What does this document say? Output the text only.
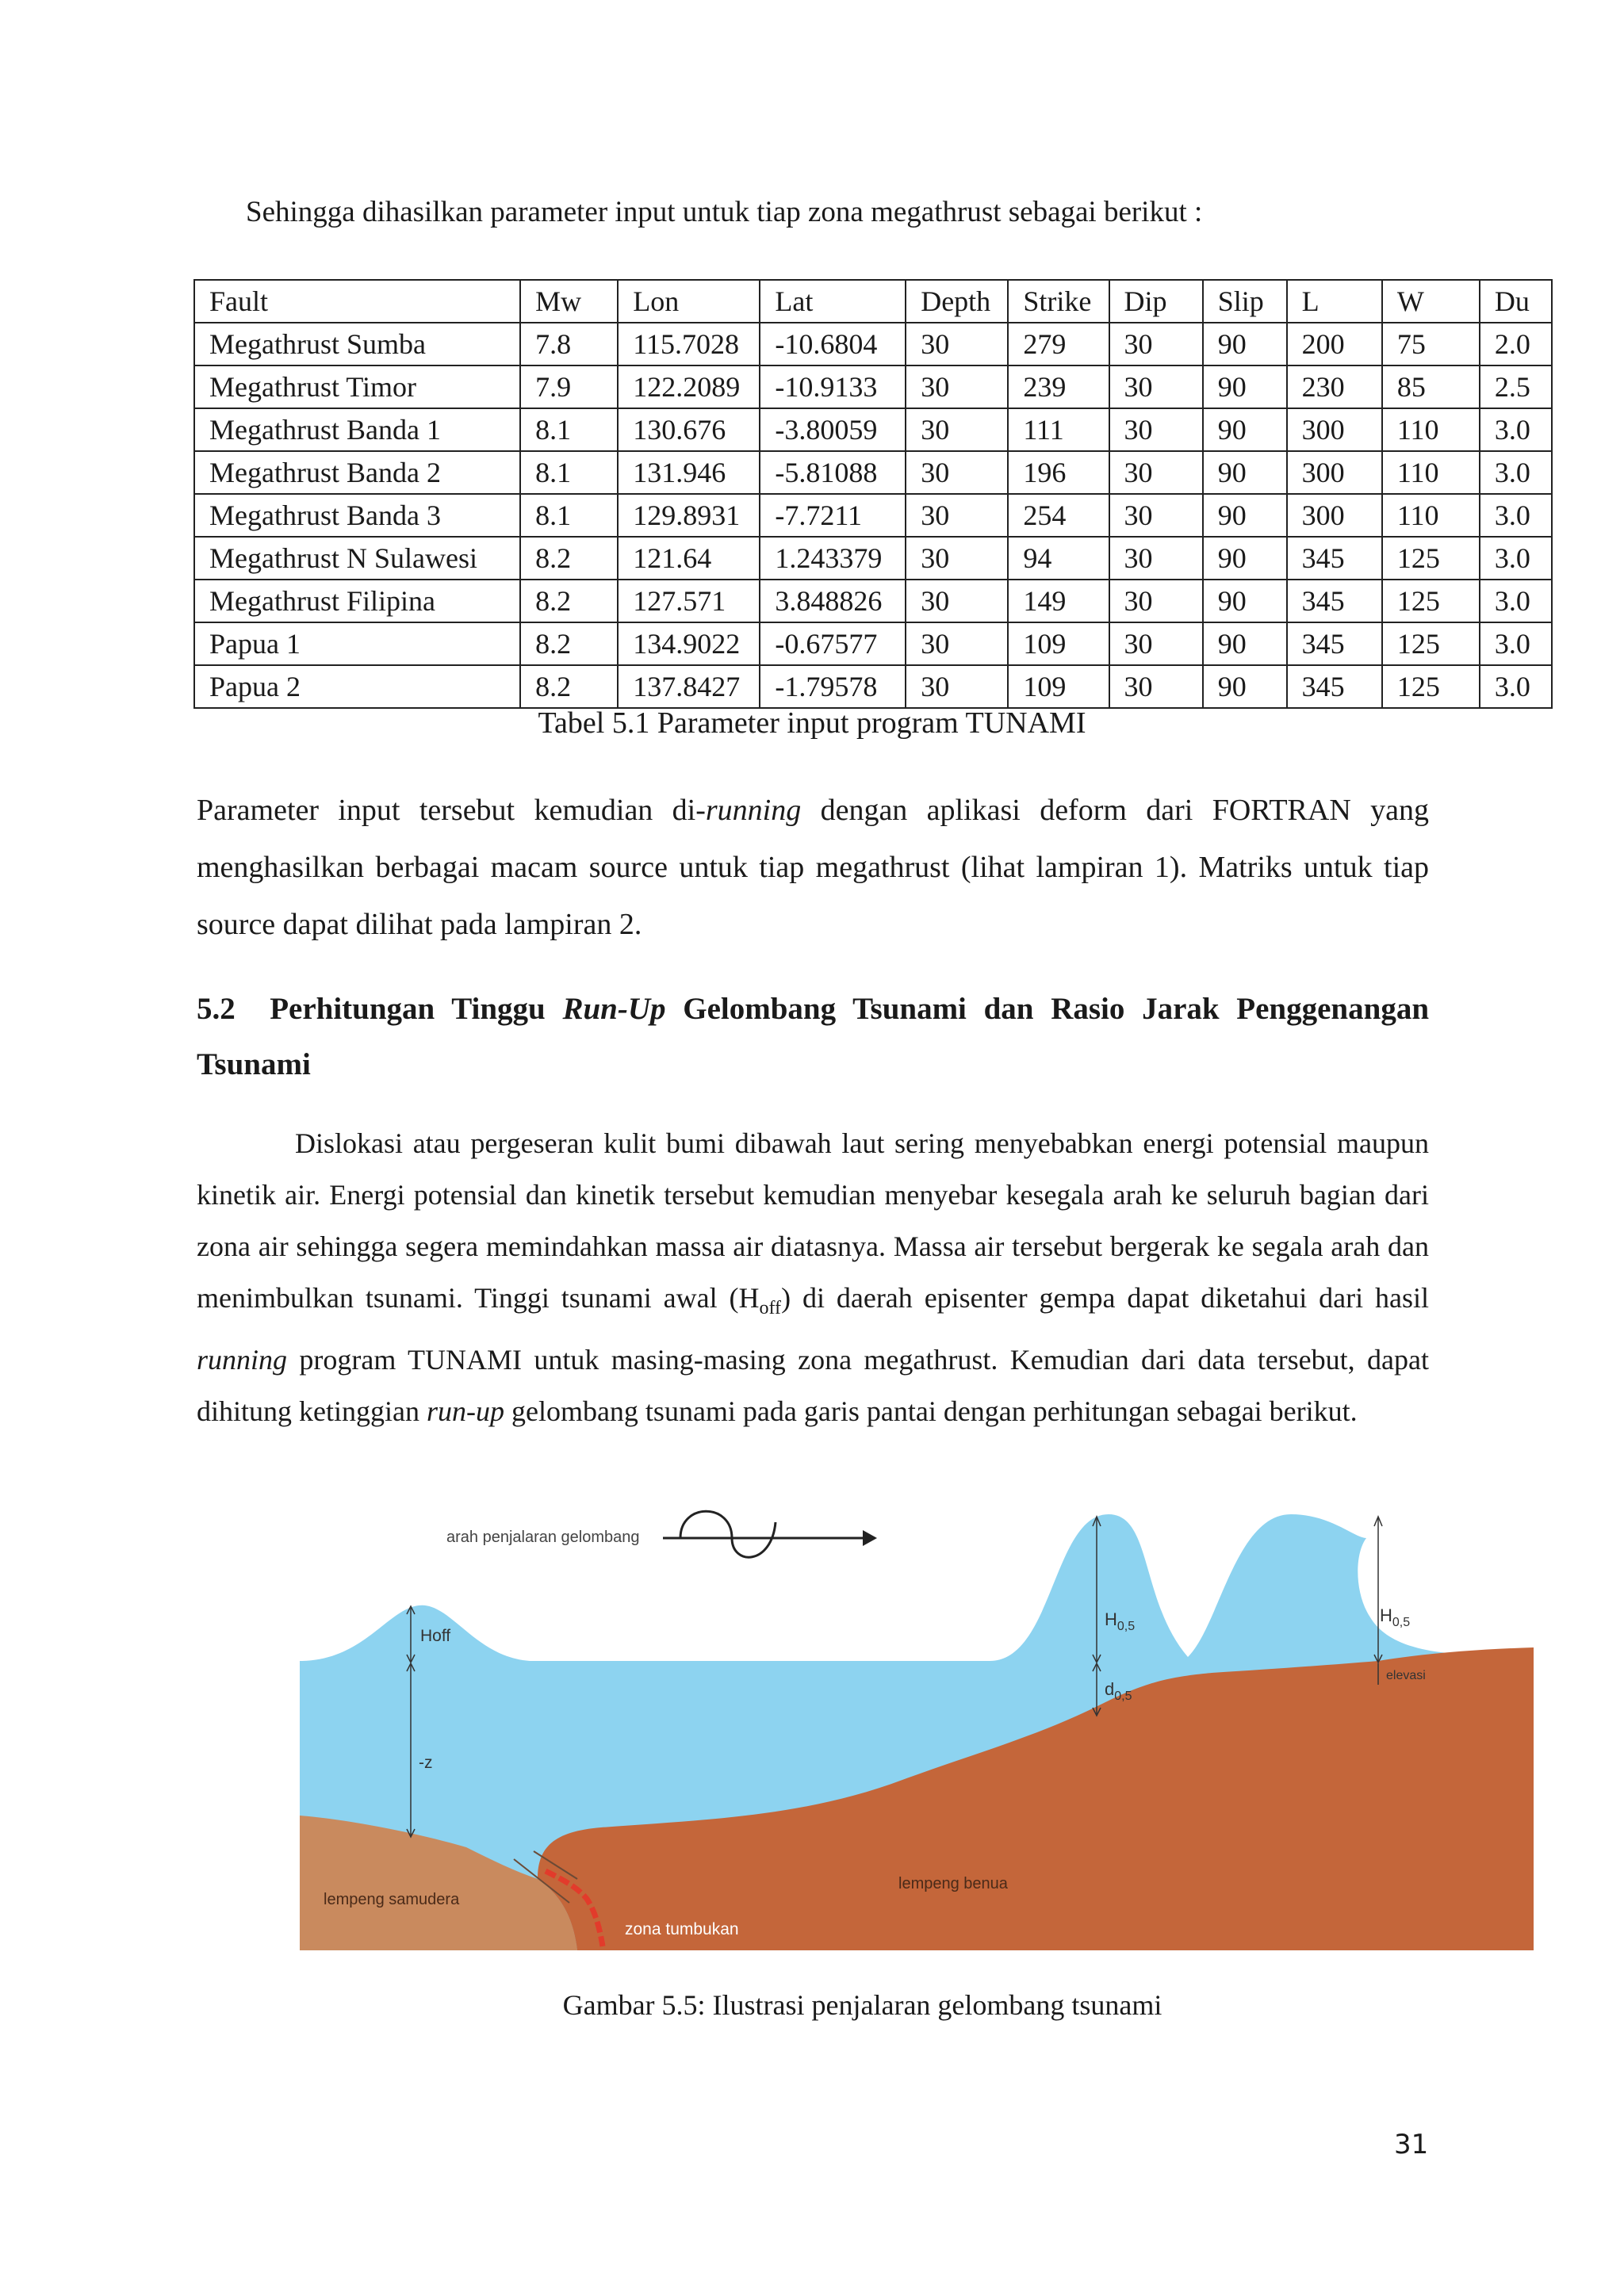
Sehingga dihasilkan parameter input untuk tiap zona megathrust sebagai berikut :
Fault	Mw	Lon	Lat	Depth	Strike	Dip	Slip	L	W	Du
Megathrust Sumba	7.8	115.7028	-10.6804	30	279	30	90	200	75	2.0
Megathrust Timor	7.9	122.2089	-10.9133	30	239	30	90	230	85	2.5
Megathrust Banda 1	8.1	130.676	-3.80059	30	111	30	90	300	110	3.0
Megathrust Banda 2	8.1	131.946	-5.81088	30	196	30	90	300	110	3.0
Megathrust Banda 3	8.1	129.8931	-7.7211	30	254	30	90	300	110	3.0
Megathrust N Sulawesi	8.2	121.64	1.243379	30	94	30	90	345	125	3.0
Megathrust Filipina	8.2	127.571	3.848826	30	149	30	90	345	125	3.0
Papua 1	8.2	134.9022	-0.67577	30	109	30	90	345	125	3.0
Papua 2	8.2	137.8427	-1.79578	30	109	30	90	345	125	3.0
Tabel 5.1 Parameter input program TUNAMI
Parameter input tersebut kemudian di-running dengan aplikasi deform dari FORTRAN yang menghasilkan berbagai macam source untuk tiap megathrust (lihat lampiran 1). Matriks untuk tiap source dapat dilihat pada lampiran 2.
5.2 Perhitungan Tinggu Run-Up Gelombang Tsunami dan Rasio Jarak Penggenangan Tsunami
Dislokasi atau pergeseran kulit bumi dibawah laut sering menyebabkan energi potensial maupun kinetik air. Energi potensial dan kinetik tersebut kemudian menyebar kesegala arah ke seluruh bagian dari zona air sehingga segera memindahkan massa air diatasnya. Massa air tersebut bergerak ke segala arah dan menimbulkan tsunami. Tinggi tsunami awal $(H_{off})$ di daerah episenter gempa dapat diketahui dari hasil running program TUNAMI untuk masing-masing zona megathrust. Kemudian dari data tersebut, dapat dihitung ketinggian run-up gelombang tsunami pada garis pantai dengan perhitungan sebagai berikut.
arah penjalaran gelombang
Hoff
-z
$H_{0,5}$
$d_{0,5}$
$H_{0,5}$
elevasi
lempeng samudera
lempeng benua
zona tumbukan
Gambar 5.5: Ilustrasi penjalaran gelombang tsunami
31
